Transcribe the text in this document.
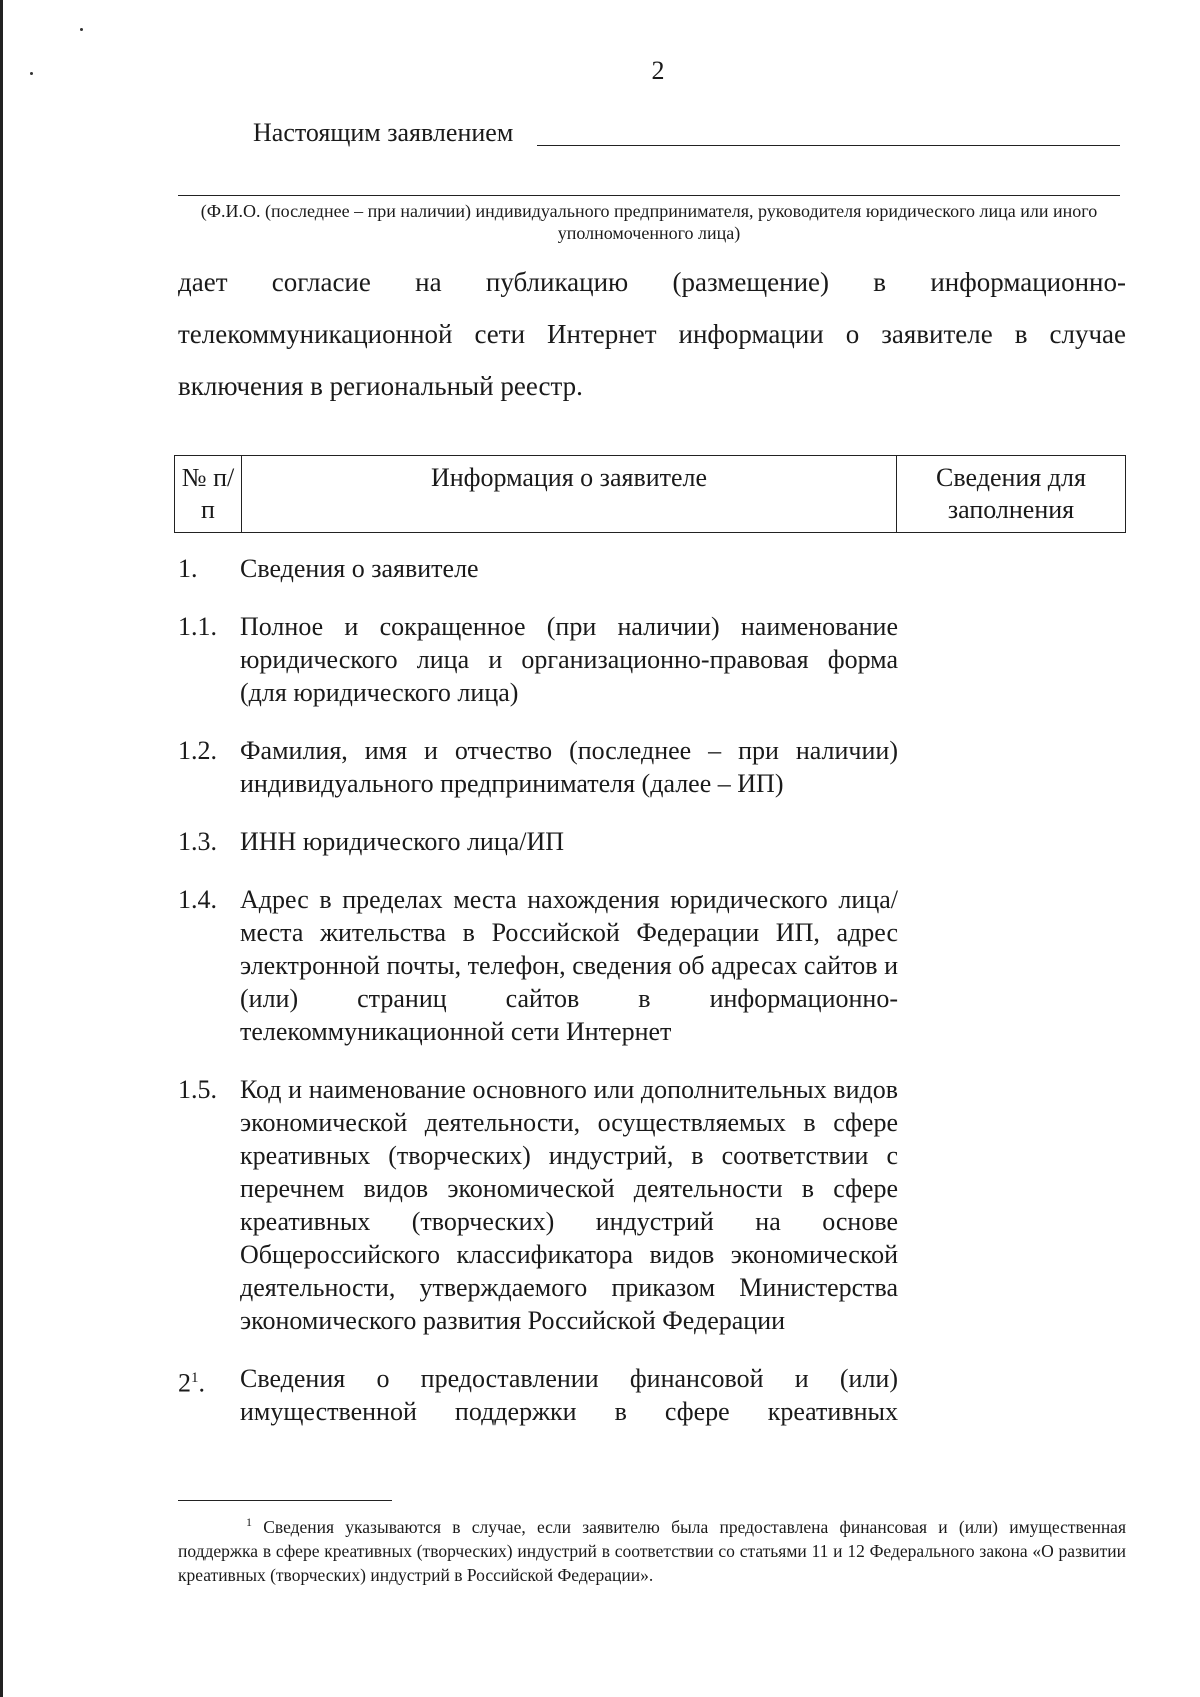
2
Настоящим заявлением
(Ф.И.О. (последнее – при наличии) индивидуального предпринимателя, руководителя юридического лица или иного уполномоченного лица)
дает согласие на публикацию (размещение) в информационно-
телекоммуникационной сети Интернет информации о заявителе в случае
включения в региональный реестр.
№ п/п	Информация о заявителе	Сведения для заполнения
1.	Сведения о заявителе
1.1. Полное и сокращенное (при наличии) наименование юридического лица и организационно-правовая форма (для юридического лица)
1.2. Фамилия, имя и отчество (последнее – при наличии) индивидуального предпринимателя (далее – ИП)
1.3. ИНН юридического лица/ИП
1.4. Адрес в пределах места нахождения юридического лица/места жительства в Российской Федерации ИП, адрес электронной почты, телефон, сведения об адресах сайтов и (или) страниц сайтов в информационно-телекоммуникационной сети Интернет
1.5. Код и наименование основного или дополнительных видов экономической деятельности, осуществляемых в сфере креативных (творческих) индустрий, в соответствии с перечнем видов экономической деятельности в сфере креативных (творческих) индустрий на основе Общероссийского классификатора видов экономической деятельности, утверждаемого приказом Министерства экономического развития Российской Федерации
$2^1$.	Сведения о предоставлении финансовой и (или) имущественной поддержки в сфере креативных
$^1$ Сведения указываются в случае, если заявителю была предоставлена финансовая и (или) имущественная поддержка в сфере креативных (творческих) индустрий в соответствии со статьями 11 и 12 Федерального закона «О развитии креативных (творческих) индустрий в Российской Федерации».
